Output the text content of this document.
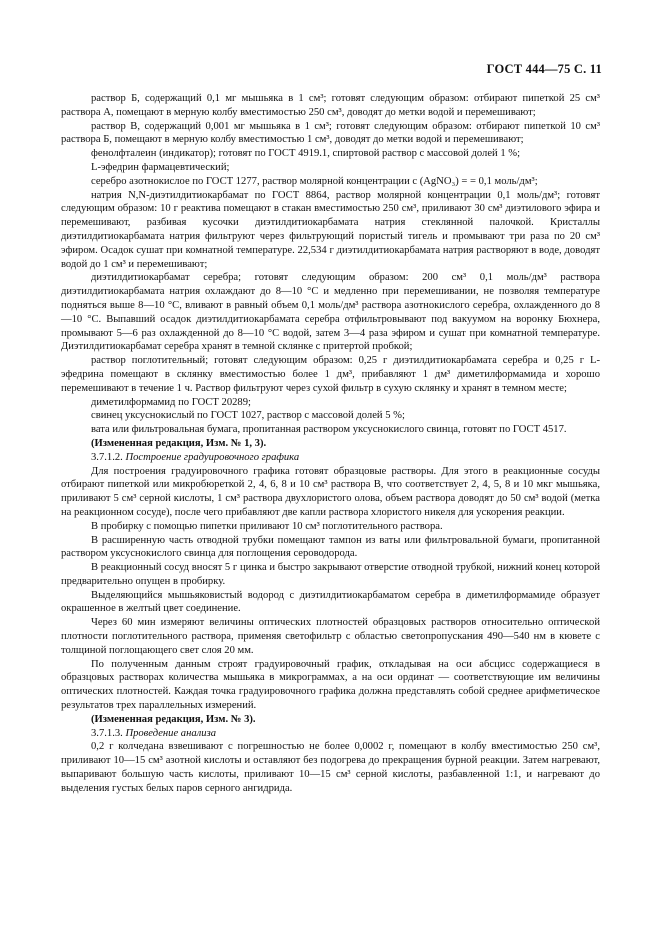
ГОСТ 444—75 С. 11

раствор Б, содержащий 0,1 мг мышьяка в 1 см³; готовят следующим образом: отбирают пипеткой 25 см³ раствора А, помещают в мерную колбу вместимостью 250 см³, доводят до метки водой и перемешивают;

раствор В, содержащий 0,001 мг мышьяка в 1 см³; готовят следующим образом: отбирают пипеткой 10 см³ раствора Б, помещают в мерную колбу вместимостью 1 см³, доводят до метки водой и перемешивают;

фенолфталеин (индикатор); готовят по ГОСТ 4919.1, спиртовой раствор с массовой долей 1 %;

L-эфедрин фармацевтический;

серебро азотнокислое по ГОСТ 1277, раствор молярной концентрации c (AgNO₃) = = 0,1 моль/дм³;

натрия N,N-диэтилдитиокарбамат по ГОСТ 8864, раствор молярной концентрации 0,1 моль/дм³; готовят следующим образом: 10 г реактива помещают в стакан вместимостью 250 см³, приливают 30 см³ диэтилового эфира и перемешивают, разбивая кусочки диэтилдитиокарбамата натрия стеклянной палочкой. Кристаллы диэтилдитиокарбамата натрия фильтруют через фильтрующий пористый тигель и промывают три раза по 20 см³ эфиром. Осадок сушат при комнатной температуре. 22,534 г диэтилдитиокарбамата натрия растворяют в воде, доводят водой до 1 см³ и перемешивают;

диэтилдитиокарбамат серебра; готовят следующим образом: 200 см³ 0,1 моль/дм³ раствора диэтилдитиокарбамата натрия охлаждают до 8—10 °С и медленно при перемешивании, не позволяя температуре подняться выше 8—10 °С, вливают в равный объем 0,1 моль/дм³ раствора азотнокислого серебра, охлажденного до 8—10 °С. Выпавший осадок диэтилдитиокарбамата серебра отфильтровывают под вакуумом на воронку Бюхнера, промывают 5—6 раз охлажденной до 8—10 °С водой, затем 3—4 раза эфиром и сушат при комнатной температуре. Диэтилдитиокарбамат серебра хранят в темной склянке с притертой пробкой;

раствор поглотительный; готовят следующим образом: 0,25 г диэтилдитиокарбамата серебра и 0,25 г L-эфедрина помещают в склянку вместимостью более 1 дм³, прибавляют 1 дм³ диметилформамида и хорошо перемешивают в течение 1 ч. Раствор фильтруют через сухой фильтр в сухую склянку и хранят в темном месте;

диметилформамид по ГОСТ 20289;

свинец уксуснокислый по ГОСТ 1027, раствор с массовой долей 5 %;

вата или фильтровальная бумага, пропитанная раствором уксуснокислого свинца, готовят по ГОСТ 4517.

(Измененная редакция, Изм. № 1, 3).

3.7.1.2. Построение градуировочного графика

Для построения градуировочного графика готовят образцовые растворы. Для этого в реакционные сосуды отбирают пипеткой или микробюреткой 2, 4, 6, 8 и 10 см³ раствора В, что соответствует 2, 4, 5, 8 и 10 мкг мышьяка, приливают 5 см³ серной кислоты, 1 см³ раствора двухлористого олова, объем раствора доводят до 50 см³ водой (метка на реакционном сосуде), после чего прибавляют две капли раствора хлористого никеля для ускорения реакции.

В пробирку с помощью пипетки приливают 10 см³ поглотительного раствора.

В расширенную часть отводной трубки помещают тампон из ваты или фильтровальной бумаги, пропитанной раствором уксуснокислого свинца для поглощения сероводорода.

В реакционный сосуд вносят 5 г цинка и быстро закрывают отверстие отводной трубкой, нижний конец которой предварительно опущен в пробирку.

Выделяющийся мышьяковистый водород с диэтилдитиокарбаматом серебра в диметилформамиде образует окрашенное в желтый цвет соединение.

Через 60 мин измеряют величины оптических плотностей образцовых растворов относительно оптической плотности поглотительного раствора, применяя светофильтр с областью светопропускания 490—540 нм в кювете с толщиной поглощающего свет слоя 20 мм.

По полученным данным строят градуировочный график, откладывая на оси абсцисс содержащиеся в образцовых растворах количества мышьяка в микрограммах, а на оси ординат — соответствующие им величины оптических плотностей. Каждая точка градуировочного графика должна представлять собой среднее арифметическое результатов трех параллельных измерений.

(Измененная редакция, Изм. № 3).

3.7.1.3. Проведение анализа

0,2 г колчедана взвешивают с погрешностью не более 0,0002 г, помещают в колбу вместимостью 250 см³, приливают 10—15 см³ азотной кислоты и оставляют без подогрева до прекращения бурной реакции. Затем нагревают, выпаривают большую часть кислоты, приливают 10—15 см³ серной кислоты, разбавленной 1:1, и нагревают до выделения густых белых паров серного ангидрида.
